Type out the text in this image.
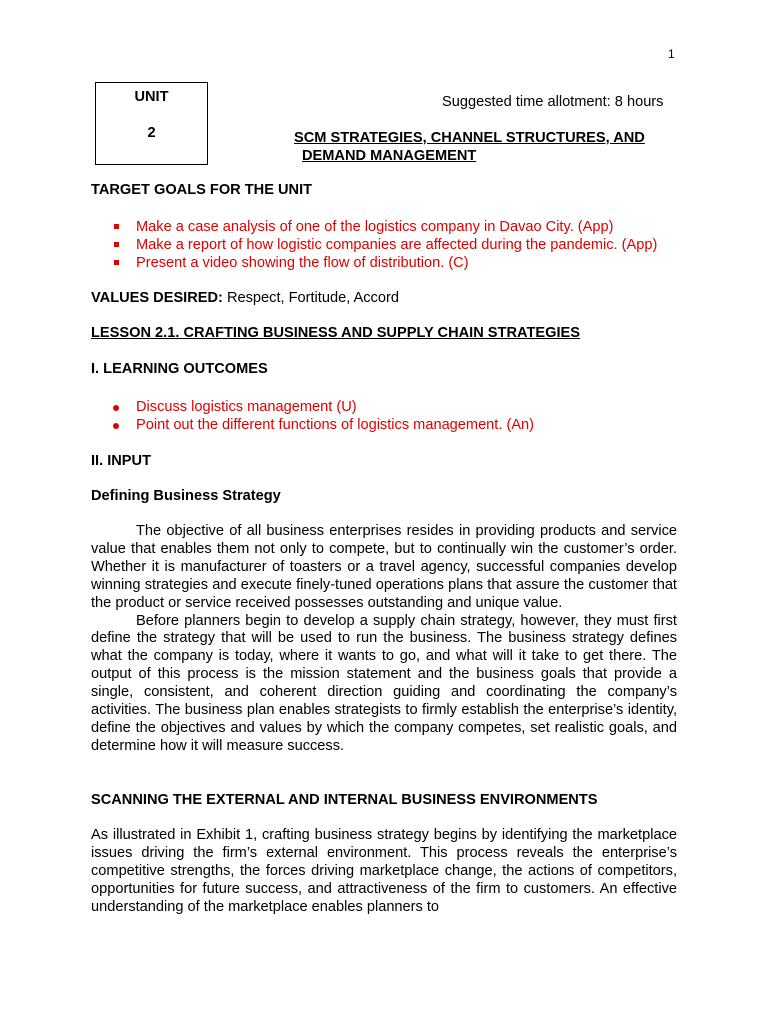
1
UNIT
2
Suggested time allotment: 8 hours
SCM STRATEGIES, CHANNEL STRUCTURES, AND
DEMAND MANAGEMENT
TARGET GOALS FOR THE UNIT
Make a case analysis of one of the logistics company in Davao City. (App)
Make a report of how logistic companies are affected during the pandemic. (App)
Present a video showing the flow of distribution. (C)
VALUES DESIRED: Respect, Fortitude, Accord
LESSON 2.1. CRAFTING BUSINESS AND SUPPLY CHAIN STRATEGIES
I. LEARNING OUTCOMES
Discuss logistics management (U)
Point out the different functions of logistics management. (An)
II. INPUT
Defining Business Strategy

The objective of all business enterprises resides in providing products and service value that enables them not only to compete, but to continually win the customer’s order. Whether it is manufacturer of toasters or a travel agency, successful companies develop winning strategies and execute finely-tuned operations plans that assure the customer that the product or service received possesses outstanding and unique value.

Before planners begin to develop a supply chain strategy, however, they must first define the strategy that will be used to run the business. The business strategy defines what the company is today, where it wants to go, and what will it take to get there. The output of this process is the mission statement and the business goals that provide a single, consistent, and coherent direction guiding and coordinating the company’s activities. The business plan enables strategists to firmly establish the enterprise’s identity, define the objectives and values by which the company competes, set realistic goals, and determine how it will measure success.

SCANNING THE EXTERNAL AND INTERNAL BUSINESS ENVIRONMENTS

As illustrated in Exhibit 1, crafting business strategy begins by identifying the marketplace issues driving the firm’s external environment. This process reveals the enterprise’s competitive strengths, the forces driving marketplace change, the actions of competitors, opportunities for future success, and attractiveness of the firm to customers. An effective understanding of the marketplace enables planners to
